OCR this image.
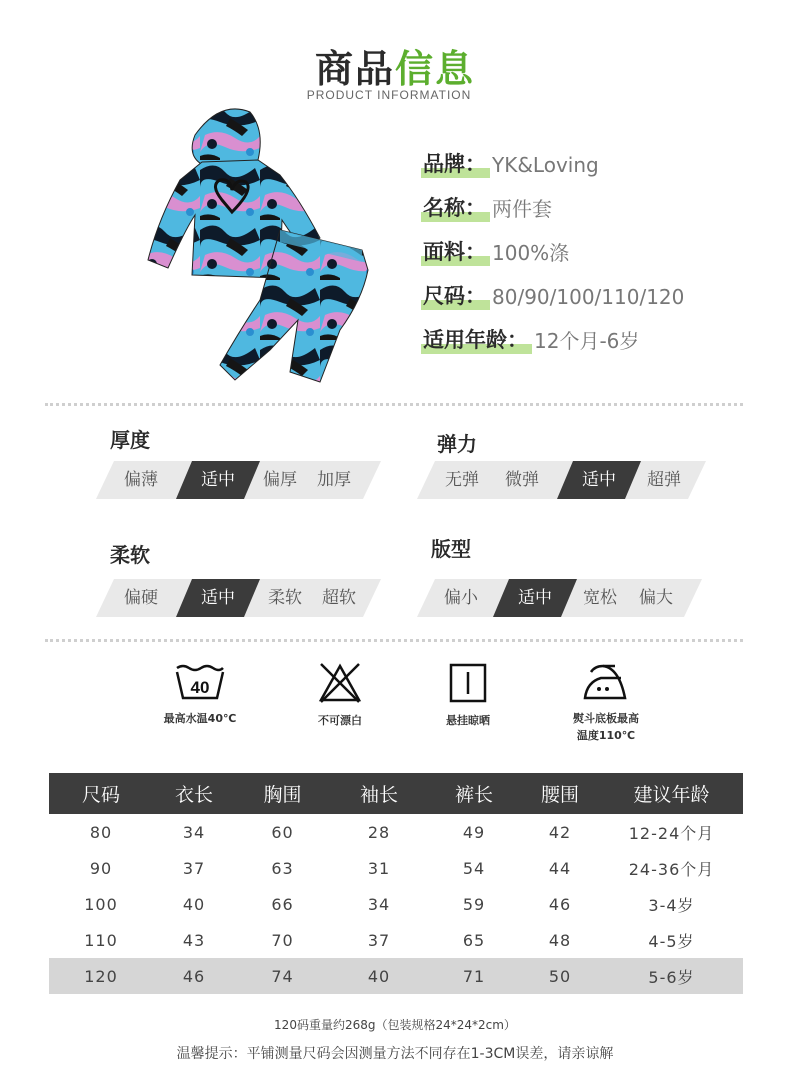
商品信息
PRODUCT INFORMATION
品牌： YK&Loving
名称： 两件套
面料： 100%涤
尺码： 80/90/100/110/120
适用年龄： 12个月-6岁
厚度
偏薄	适中	偏厚	加厚
弹力
无弹	微弹	适中	超弹
柔软
偏硬	适中	柔软	超软
版型
偏小	适中	宽松	偏大
40
最高水温40℃	不可漂白	悬挂晾晒	熨斗底板最高
温度110℃
尺码	衣长	胸围	袖长	裤长	腰围	建议年龄
80	34	60	28	49	42	12-24个月
90	37	63	31	54	44	24-36个月
100	40	66	34	59	46	3-4岁
110	43	70	37	65	48	4-5岁
120	46	74	40	71	50	5-6岁
120码重量约268g（包装规格24*24*2cm）
温馨提示：平铺测量尺码会因测量方法不同存在1-3CM误差，请亲谅解
